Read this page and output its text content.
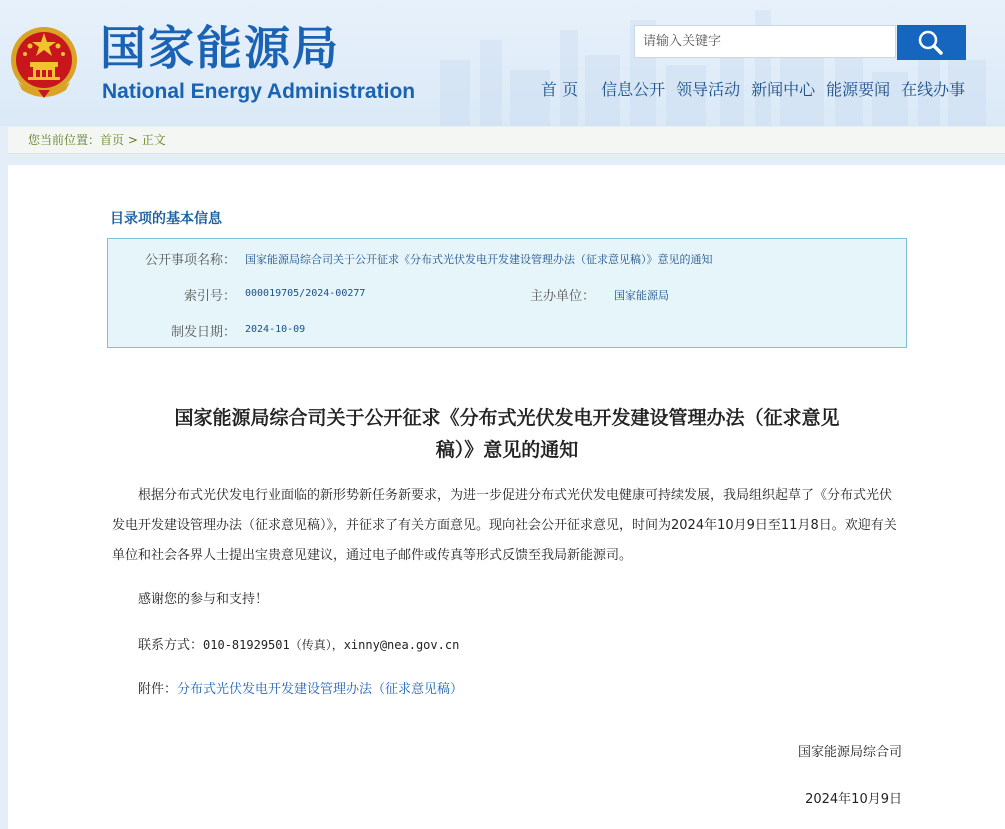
国家能源局
National Energy Administration
请输入关键字	首 页 信息公开 领导活动 新闻中心 能源要闻 在线办事
您当前位置：首页 > 正文
目录项的基本信息
公开事项名称： 国家能源局综合司关于公开征求《分布式光伏发电开发建设管理办法（征求意见稿）》意见的通知
索引号： 000019705/2024-00277	主办单位： 国家能源局
制发日期： 2024-10-09
国家能源局综合司关于公开征求《分布式光伏发电开发建设管理办法（征求意见
稿）》意见的通知
根据分布式光伏发电行业面临的新形势新任务新要求，为进一步促进分布式光伏发电健康可持续发展，我局组织起草了《分布式光伏发电开发建设管理办法（征求意见稿）》，并征求了有关方面意见。现向社会公开征求意见，时间为2024年10月9日至11月8日。欢迎有关单位和社会各界人士提出宝贵意见建议，通过电子邮件或传真等形式反馈至我局新能源司。
感谢您的参与和支持！
联系方式：010-81929501（传真），xinny@nea.gov.cn
附件：分布式光伏发电开发建设管理办法（征求意见稿）
国家能源局综合司
2024年10月9日
